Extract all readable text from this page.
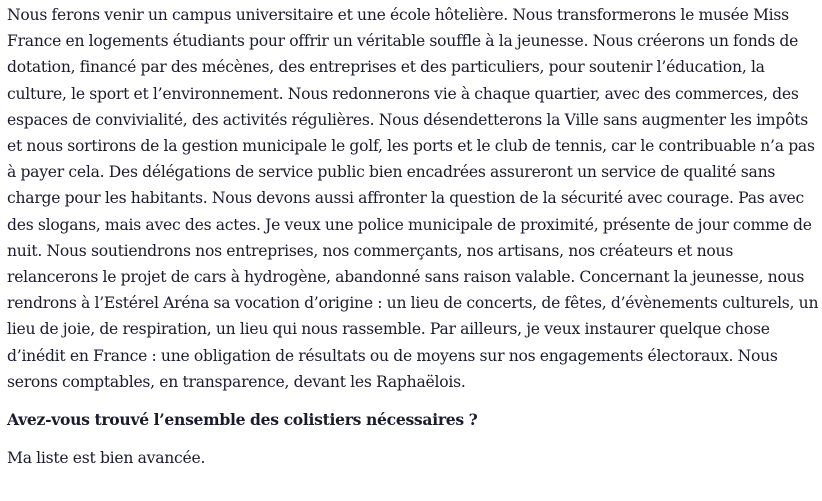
Nous ferons venir un campus universitaire et une école hôtelière. Nous transformerons le musée Miss France en logements étudiants pour offrir un véritable souffle à la jeunesse. Nous créerons un fonds de dotation, financé par des mécènes, des entreprises et des particuliers, pour soutenir l’éducation, la culture, le sport et l’environnement. Nous redonnerons vie à chaque quartier, avec des commerces, des espaces de convivialité, des activités régulières. Nous désendetterons la Ville sans augmenter les impôts et nous sortirons de la gestion municipale le golf, les ports et le club de tennis, car le contribuable n’a pas à payer cela. Des délégations de service public bien encadrées assureront un service de qualité sans charge pour les habitants. Nous devons aussi affronter la question de la sécurité avec courage. Pas avec des slogans, mais avec des actes. Je veux une police municipale de proximité, présente de jour comme de nuit. Nous soutiendrons nos entreprises, nos commerçants, nos artisans, nos créateurs et nous relancerons le projet de cars à hydrogène, abandonné sans raison valable. Concernant la jeunesse, nous rendrons à l’Estérel Aréna sa vocation d’origine : un lieu de concerts, de fêtes, d’évènements culturels, un lieu de joie, de respiration, un lieu qui nous rassemble. Par ailleurs, je veux instaurer quelque chose d’inédit en France : une obligation de résultats ou de moyens sur nos engagements électoraux. Nous serons comptables, en transparence, devant les Raphaëlois.

Avez-vous trouvé l’ensemble des colistiers nécessaires ?

Ma liste est bien avancée.
